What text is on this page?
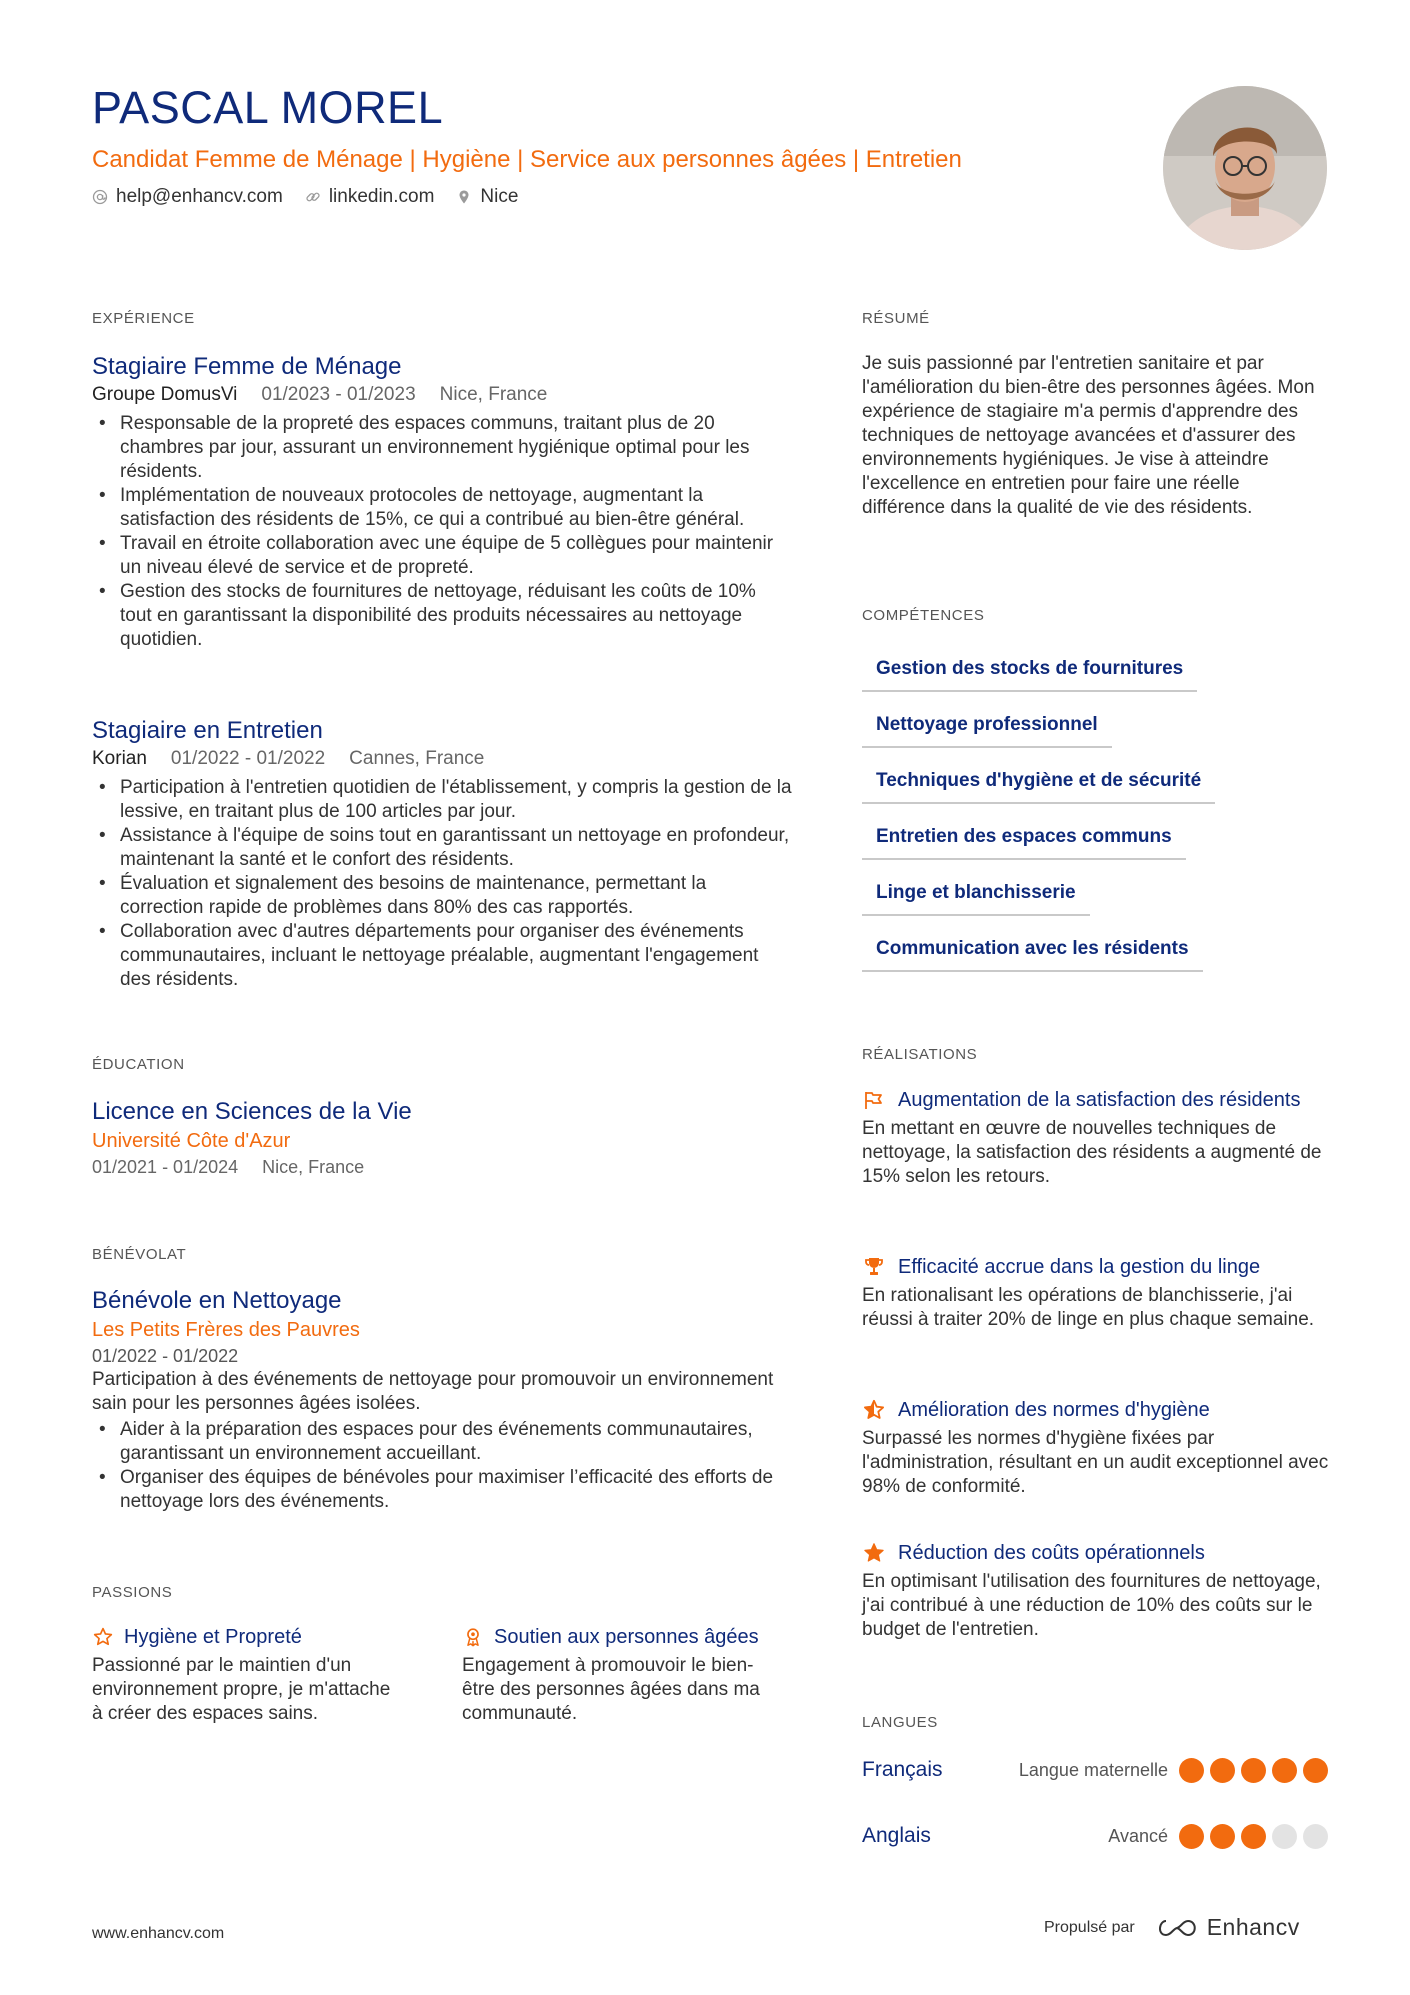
PASCAL MOREL
Candidat Femme de Ménage | Hygiène | Service aux personnes âgées | Entretien
help@enhancv.com linkedin.com Nice
EXPÉRIENCE
Stagiaire Femme de Ménage
Groupe DomusVi 01/2023 - 01/2023 Nice, France
• Responsable de la propreté des espaces communs, traitant plus de 20 chambres par jour, assurant un environnement hygiénique optimal pour les résidents.
• Implémentation de nouveaux protocoles de nettoyage, augmentant la satisfaction des résidents de 15%, ce qui a contribué au bien-être général.
• Travail en étroite collaboration avec une équipe de 5 collègues pour maintenir un niveau élevé de service et de propreté.
• Gestion des stocks de fournitures de nettoyage, réduisant les coûts de 10% tout en garantissant la disponibilité des produits nécessaires au nettoyage quotidien.
Stagiaire en Entretien
Korian 01/2022 - 01/2022 Cannes, France
• Participation à l'entretien quotidien de l'établissement, y compris la gestion de la lessive, en traitant plus de 100 articles par jour.
• Assistance à l'équipe de soins tout en garantissant un nettoyage en profondeur, maintenant la santé et le confort des résidents.
• Évaluation et signalement des besoins de maintenance, permettant la correction rapide de problèmes dans 80% des cas rapportés.
• Collaboration avec d'autres départements pour organiser des événements communautaires, incluant le nettoyage préalable, augmentant l'engagement des résidents.
ÉDUCATION
Licence en Sciences de la Vie
Université Côte d'Azur
01/2021 - 01/2024 Nice, France
BÉNÉVOLAT
Bénévole en Nettoyage
Les Petits Frères des Pauvres
01/2022 - 01/2022
Participation à des événements de nettoyage pour promouvoir un environnement sain pour les personnes âgées isolées.
• Aider à la préparation des espaces pour des événements communautaires, garantissant un environnement accueillant.
• Organiser des équipes de bénévoles pour maximiser l’efficacité des efforts de nettoyage lors des événements.
PASSIONS
Hygiène et Propreté
Passionné par le maintien d'un environnement propre, je m'attache à créer des espaces sains.
Soutien aux personnes âgées
Engagement à promouvoir le bien-être des personnes âgées dans ma communauté.
RÉSUMÉ
Je suis passionné par l'entretien sanitaire et par l'amélioration du bien-être des personnes âgées. Mon expérience de stagiaire m'a permis d'apprendre des techniques de nettoyage avancées et d'assurer des environnements hygiéniques. Je vise à atteindre l'excellence en entretien pour faire une réelle différence dans la qualité de vie des résidents.
COMPÉTENCES
Gestion des stocks de fournitures
Nettoyage professionnel
Techniques d'hygiène et de sécurité
Entretien des espaces communs
Linge et blanchisserie
Communication avec les résidents
RÉALISATIONS
Augmentation de la satisfaction des résidents
En mettant en œuvre de nouvelles techniques de nettoyage, la satisfaction des résidents a augmenté de 15% selon les retours.
Efficacité accrue dans la gestion du linge
En rationalisant les opérations de blanchisserie, j'ai réussi à traiter 20% de linge en plus chaque semaine.
Amélioration des normes d'hygiène
Surpassé les normes d'hygiène fixées par l'administration, résultant en un audit exceptionnel avec 98% de conformité.
Réduction des coûts opérationnels
En optimisant l'utilisation des fournitures de nettoyage, j'ai contribué à une réduction de 10% des coûts sur le budget de l'entretien.
LANGUES
Français	Langue maternelle
Anglais	Avancé
www.enhancv.com	Propulsé par	Enhancv
